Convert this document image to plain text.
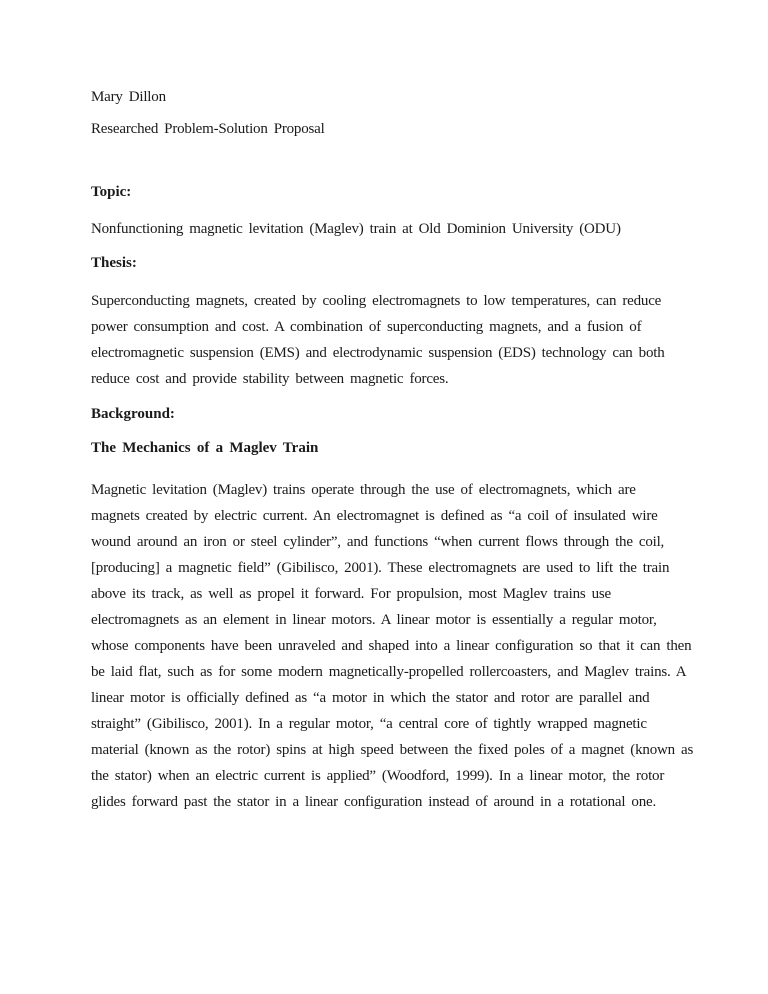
Mary Dillon

Researched Problem-Solution Proposal

Topic:

Nonfunctioning magnetic levitation (Maglev) train at Old Dominion University (ODU)

Thesis:

Superconducting magnets, created by cooling electromagnets to low temperatures, can reduce

power consumption and cost. A combination of superconducting magnets, and a fusion of

electromagnetic suspension (EMS) and electrodynamic suspension (EDS) technology can both

reduce cost and provide stability between magnetic forces.

Background:

The Mechanics of a Maglev Train

Magnetic levitation (Maglev) trains operate through the use of electromagnets, which are

magnets created by electric current. An electromagnet is defined as “a coil of insulated wire

wound around an iron or steel cylinder”, and functions “when current flows through the coil,

[producing] a magnetic field” (Gibilisco, 2001). These electromagnets are used to lift the train

above its track, as well as propel it forward. For propulsion, most Maglev trains use

electromagnets as an element in linear motors. A linear motor is essentially a regular motor,

whose components have been unraveled and shaped into a linear configuration so that it can then

be laid flat, such as for some modern magnetically-propelled rollercoasters, and Maglev trains. A

linear motor is officially defined as “a motor in which the stator and rotor are parallel and

straight” (Gibilisco, 2001). In a regular motor, “a central core of tightly wrapped magnetic

material (known as the rotor) spins at high speed between the fixed poles of a magnet (known as

the stator) when an electric current is applied” (Woodford, 1999). In a linear motor, the rotor

glides forward past the stator in a linear configuration instead of around in a rotational one.
